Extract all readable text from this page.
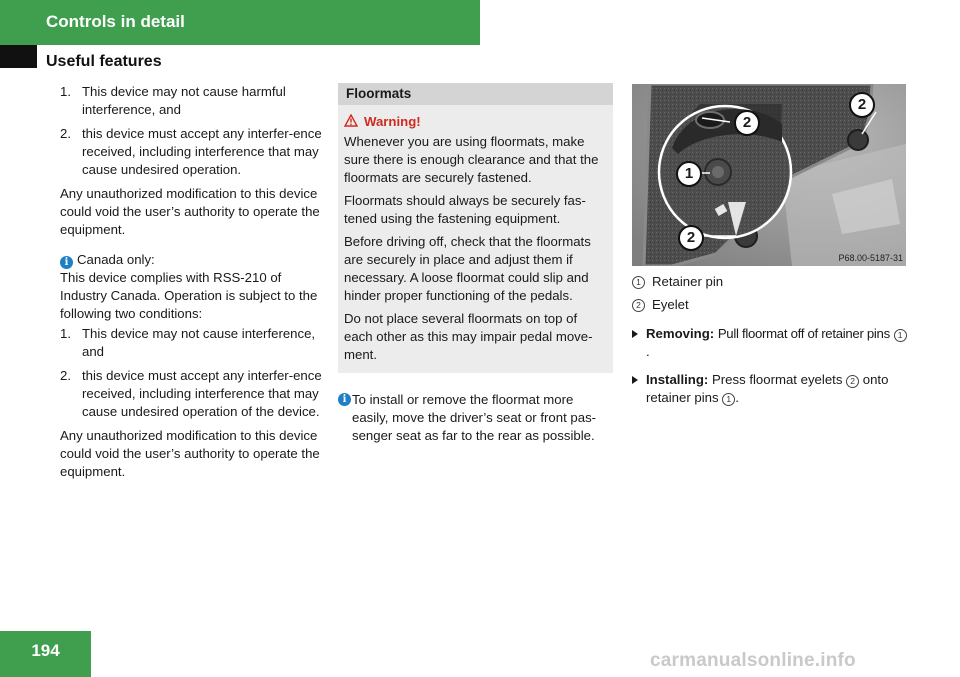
Controls in detail
Useful features
1. This device may not cause harmful interference, and
2. this device must accept any interfer-ence received, including interference that may cause undesired operation.

Any unauthorized modification to this device could void the user’s authority to operate the equipment.

i Canada only:
This device complies with RSS-210 of Industry Canada. Operation is subject to the following two conditions:
1. This device may not cause interference, and
2. this device must accept any interfer-ence received, including interference that may cause undesired operation of the device.

Any unauthorized modification to this device could void the user’s authority to operate the equipment.

Floormats
Warning!

Whenever you are using floormats, make sure there is enough clearance and that the floormats are securely fastened.

Floormats should always be securely fas-tened using the fastening equipment.

Before driving off, check that the floormats are securely in place and adjust them if necessary. A loose floormat could slip and hinder proper functioning of the pedals.

Do not place several floormats on top of each other as this may impair pedal move-ment.

i To install or remove the floormat more easily, move the driver’s seat or front pas-senger seat as far to the rear as possible.
2
2
1
2
P68.00-5187-31
1 Retainer pin
2 Eyelet
Removing: Pull floormat off of retainer pins 1.
Installing: Press floormat eyelets 2 onto retainer pins 1 .
194	carmanualsonline.info
